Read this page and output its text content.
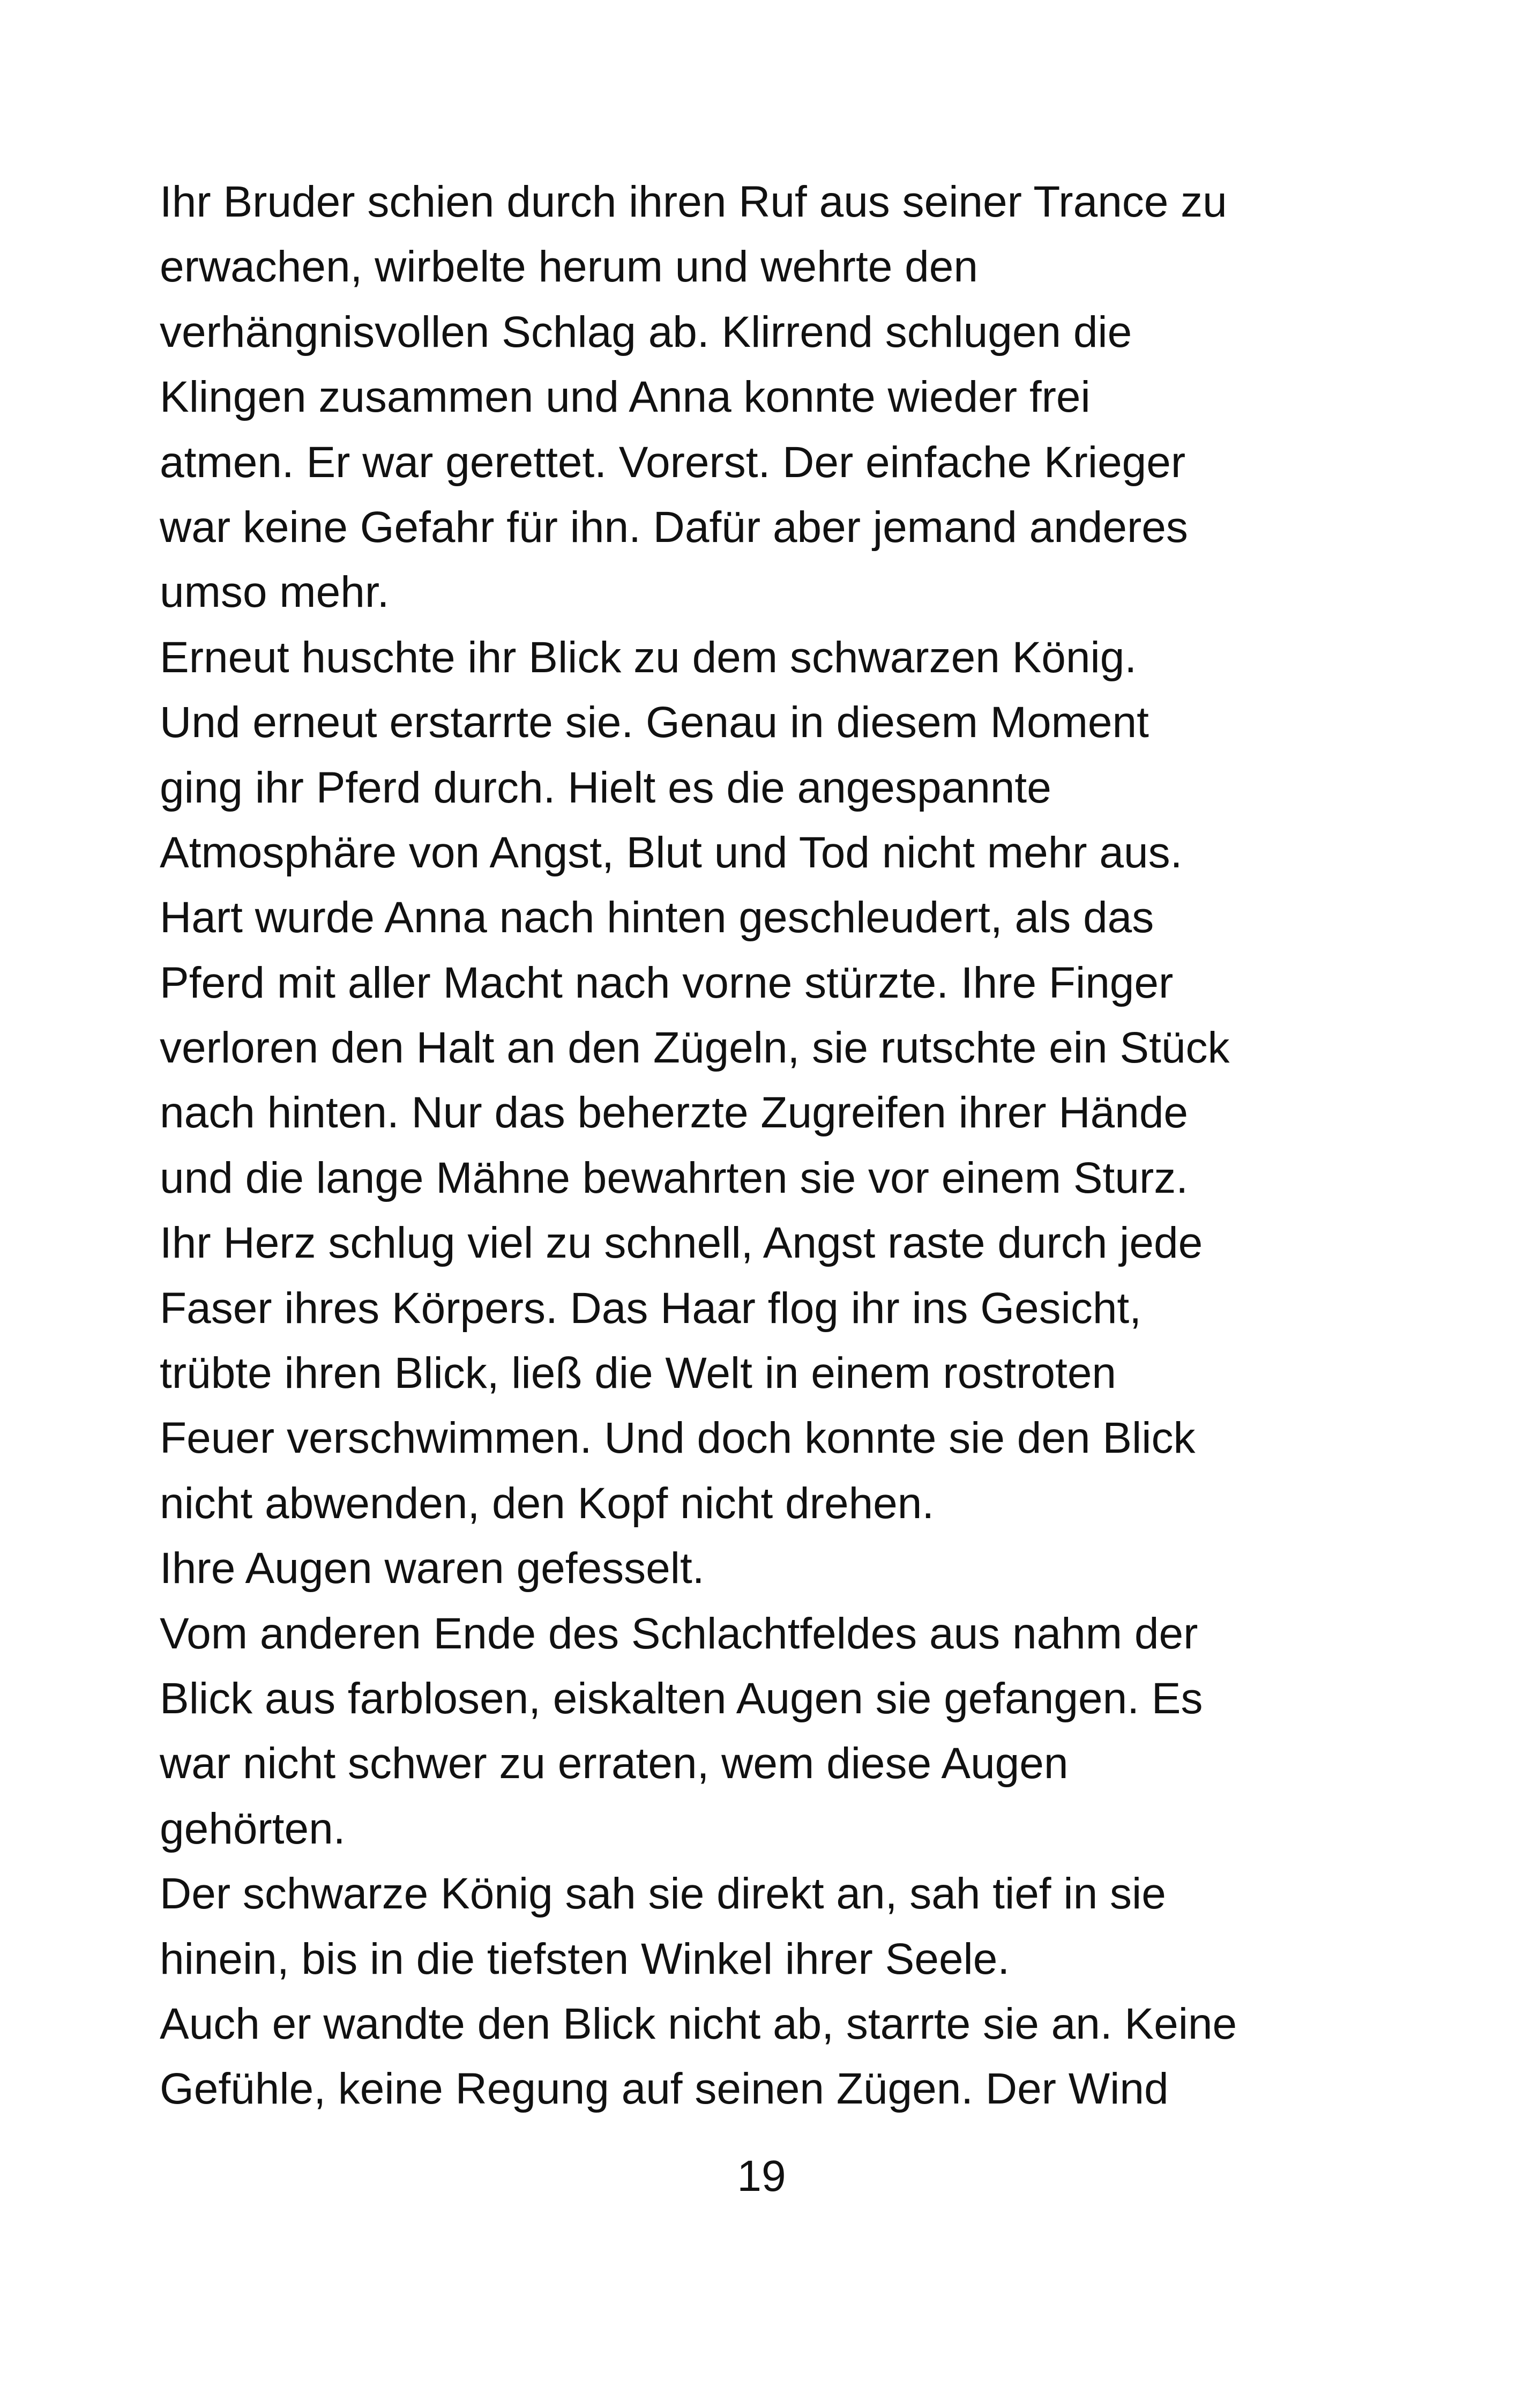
Ihr Bruder schien durch ihren Ruf aus seiner Trance zu
erwachen, wirbelte herum und wehrte den
verhängnisvollen Schlag ab. Klirrend schlugen die
Klingen zusammen und Anna konnte wieder frei
atmen. Er war gerettet. Vorerst. Der einfache Krieger
war keine Gefahr für ihn. Dafür aber jemand anderes
umso mehr.
Erneut huschte ihr Blick zu dem schwarzen König.
Und erneut erstarrte sie. Genau in diesem Moment
ging ihr Pferd durch. Hielt es die angespannte
Atmosphäre von Angst, Blut und Tod nicht mehr aus.
Hart wurde Anna nach hinten geschleudert, als das
Pferd mit aller Macht nach vorne stürzte. Ihre Finger
verloren den Halt an den Zügeln, sie rutschte ein Stück
nach hinten. Nur das beherzte Zugreifen ihrer Hände
und die lange Mähne bewahrten sie vor einem Sturz.
Ihr Herz schlug viel zu schnell, Angst raste durch jede
Faser ihres Körpers. Das Haar flog ihr ins Gesicht,
trübte ihren Blick, ließ die Welt in einem rostroten
Feuer verschwimmen. Und doch konnte sie den Blick
nicht abwenden, den Kopf nicht drehen.
Ihre Augen waren gefesselt.
Vom anderen Ende des Schlachtfeldes aus nahm der
Blick aus farblosen, eiskalten Augen sie gefangen. Es
war nicht schwer zu erraten, wem diese Augen
gehörten.
Der schwarze König sah sie direkt an, sah tief in sie
hinein, bis in die tiefsten Winkel ihrer Seele.
Auch er wandte den Blick nicht ab, starrte sie an. Keine
Gefühle, keine Regung auf seinen Zügen. Der Wind
19
